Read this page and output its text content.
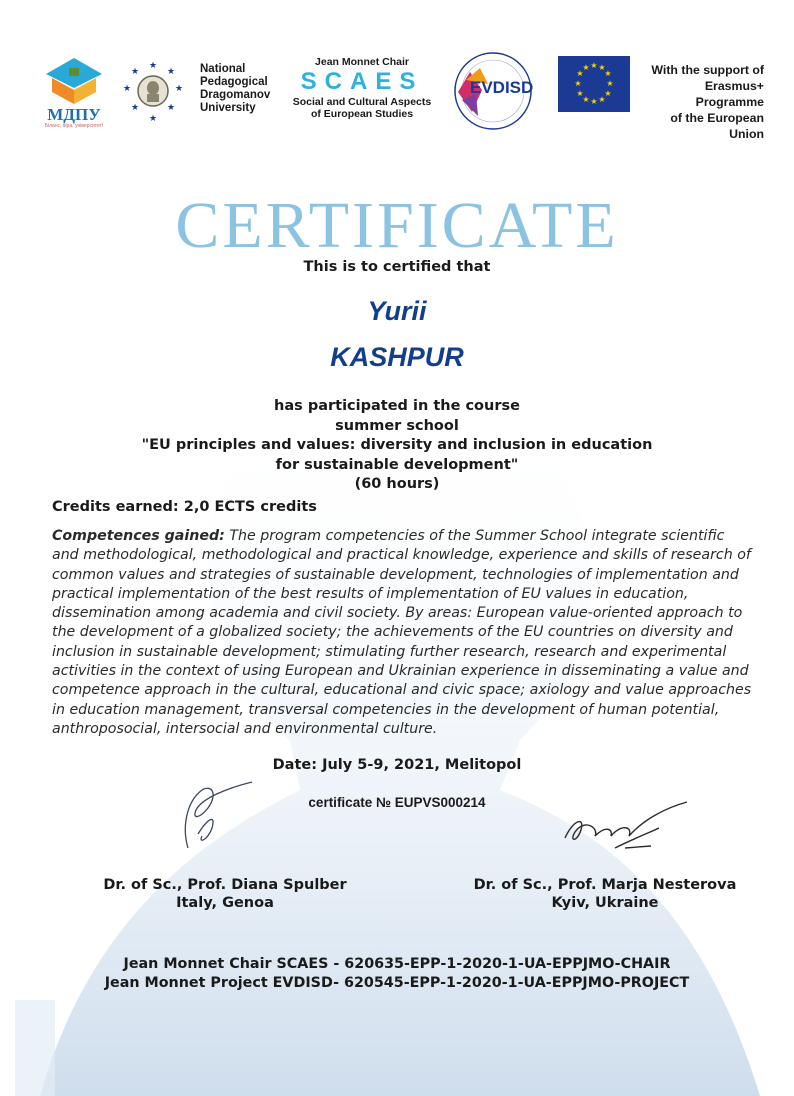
МДПУ
Біланс, віра, університет!
★
★
★
★
★
★
★
★	National
Pedagogical
Dragomanov
University
Jean Monnet Chair
SCAES
Social and Cultural Aspects
of European Studies
EVDISD
★ ★
★
★
★
★
★
★
★
★
★
★	With the support of
Erasmus+ Programme
of the European Union
CERTIFICATE
This is to certified that
Yurii
KASHPUR
has participated in the course
summer school
"EU principles and values: diversity and inclusion in education
for sustainable development"
(60 hours)
Credits earned: 2,0 ECTS credits
Competences gained: The program competencies of the Summer School integrate scientific and methodological, methodological and practical knowledge, experience and skills of research of common values and strategies of sustainable development, technologies of implementation and practical implementation of the best results of implementation of EU values in education, dissemination among academia and civil society. By areas: European value-oriented approach to the development of a globalized society; the achievements of the EU countries on diversity and inclusion in sustainable development; stimulating further research, research and experimental activities in the context of using European and Ukrainian experience in disseminating a value and competence approach in the cultural, educational and civic space; axiology and value approaches in education management, transversal competencies in the development of human potential, anthroposocial, intersocial and environmental culture.
Date: July 5-9, 2021, Melitopol
certificate № EUPVS000214
Dr. of Sc., Prof. Diana Spulber
Italy, Genoa
Dr. of Sc., Prof. Marja Nesterova
Kyiv, Ukraine
Jean Monnet Chair SCAES - 620635-EPP-1-2020-1-UA-EPPJMO-CHAIR
Jean Monnet Project EVDISD- 620545-EPP-1-2020-1-UA-EPPJMO-PROJECT
